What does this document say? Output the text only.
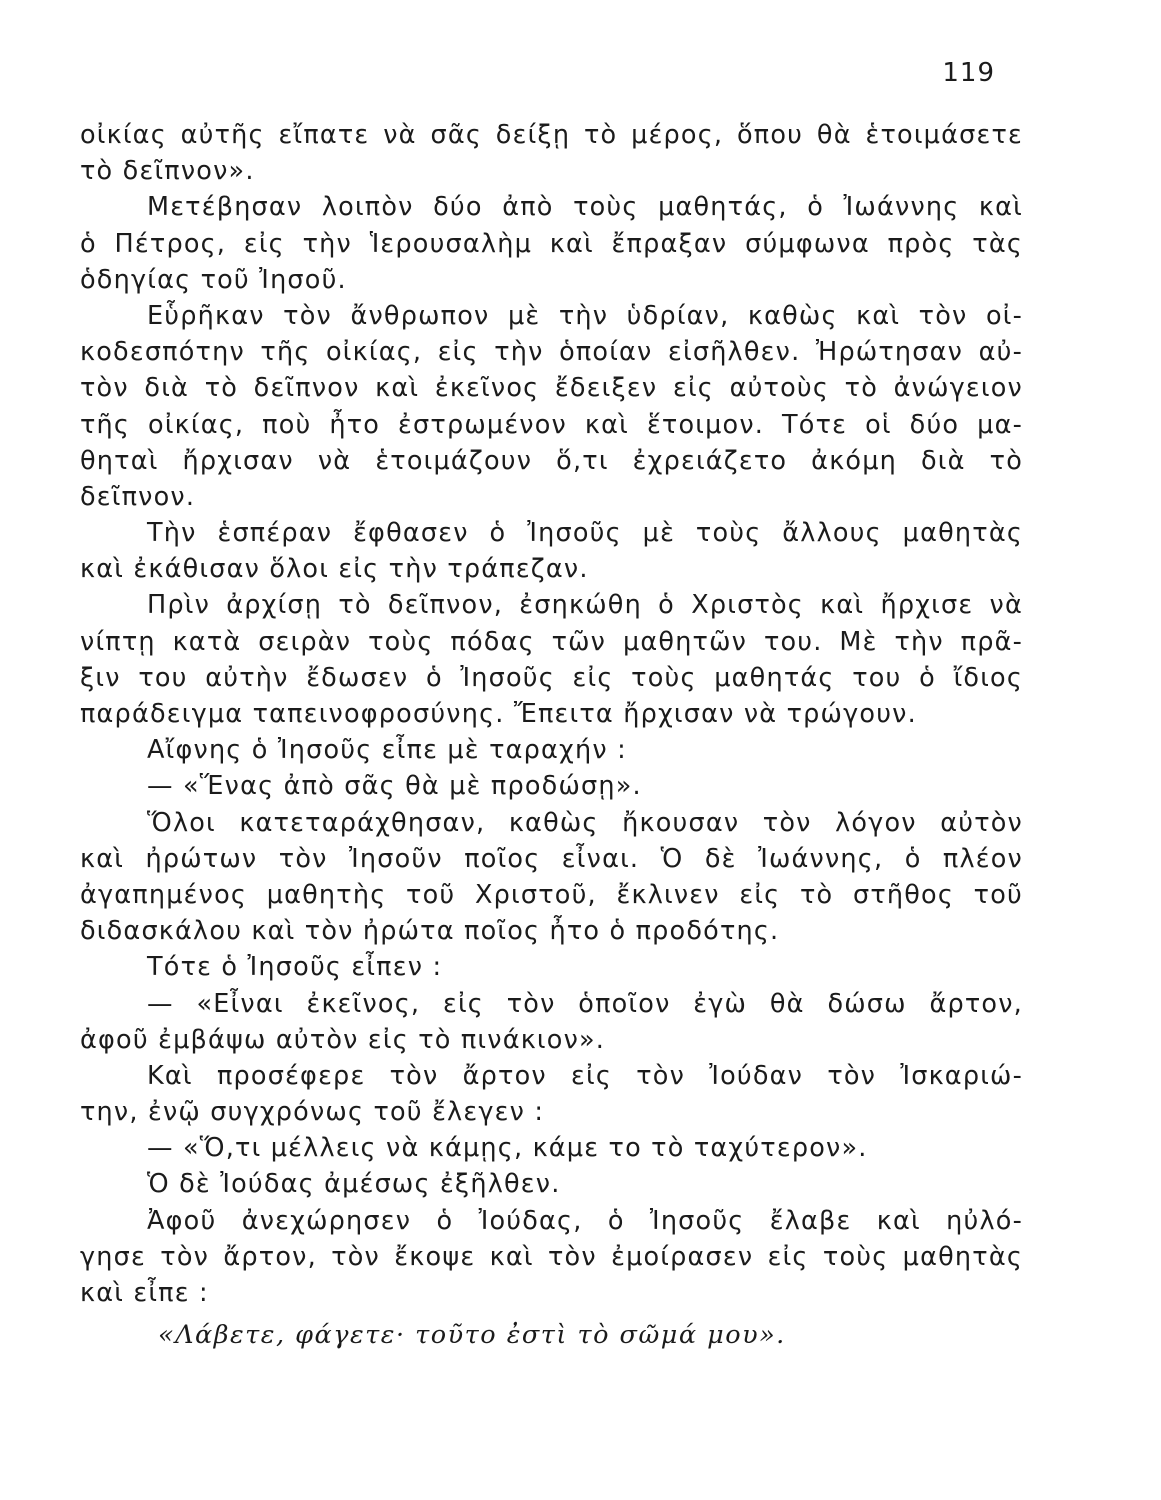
119
οἰκίας αὐτῆς εἴπατε νὰ σᾶς δείξῃ τὸ μέρος, ὅπου θὰ ἑτοιμάσετε
τὸ δεῖπνον».
Μετέβησαν λοιπὸν δύο ἀπὸ τοὺς μαθητάς, ὁ Ἰωάννης καὶ
ὁ Πέτρος, εἰς τὴν Ἱερουσαλὴμ καὶ ἔπραξαν σύμφωνα πρὸς τὰς
ὁδηγίας τοῦ Ἰησοῦ.
Εὗρῆκαν τὸν ἄνθρωπον μὲ τὴν ὑδρίαν, καθὼς καὶ τὸν οἰ-
κοδεσπότην τῆς οἰκίας, εἰς τὴν ὁποίαν εἰσῆλθεν. Ἠρώτησαν αὐ-
τὸν διὰ τὸ δεῖπνον καὶ ἐκεῖνος ἔδειξεν εἰς αὐτοὺς τὸ ἀνώγειον
τῆς οἰκίας, ποὺ ἦτο ἐστρωμένον καὶ ἕτοιμον. Τότε οἱ δύο μα-
θηταὶ ἤρχισαν νὰ ἑτοιμάζουν ὅ,τι ἐχρειάζετο ἀκόμη διὰ τὸ
δεῖπνον.
Τὴν ἑσπέραν ἔφθασεν ὁ Ἰησοῦς μὲ τοὺς ἄλλους μαθητὰς
καὶ ἐκάθισαν ὅλοι εἰς τὴν τράπεζαν.
Πρὶν ἀρχίσῃ τὸ δεῖπνον, ἐσηκώθη ὁ Χριστὸς καὶ ἤρχισε νὰ
νίπτῃ κατὰ σειρὰν τοὺς πόδας τῶν μαθητῶν του. Μὲ τὴν πρᾶ-
ξιν του αὐτὴν ἔδωσεν ὁ Ἰησοῦς εἰς τοὺς μαθητάς του ὁ ἴδιος
παράδειγμα ταπεινοφροσύνης. Ἔπειτα ἤρχισαν νὰ τρώγουν.
Αἴφνης ὁ Ἰησοῦς εἶπε μὲ ταραχήν :
— «Ἕνας ἀπὸ σᾶς θὰ μὲ προδώσῃ».
Ὅλοι κατεταράχθησαν, καθὼς ἤκουσαν τὸν λόγον αὐτὸν
καὶ ἠρώτων τὸν Ἰησοῦν ποῖος εἶναι. Ὁ δὲ Ἰωάννης, ὁ πλέον
ἀγαπημένος μαθητὴς τοῦ Χριστοῦ, ἔκλινεν εἰς τὸ στῆθος τοῦ
διδασκάλου καὶ τὸν ἠρώτα ποῖος ἦτο ὁ προδότης.
Τότε ὁ Ἰησοῦς εἶπεν :
— «Εἶναι ἐκεῖνος, εἰς τὸν ὁποῖον ἐγὼ θὰ δώσω ἄρτον,
ἀφοῦ ἐμβάψω αὐτὸν εἰς τὸ πινάκιον».
Καὶ προσέφερε τὸν ἄρτον εἰς τὸν Ἰούδαν τὸν Ἰσκαριώ-
την, ἐνῷ συγχρόνως τοῦ ἔλεγεν :
— «Ὅ,τι μέλλεις νὰ κάμῃς, κάμε το τὸ ταχύτερον».
Ὁ δὲ Ἰούδας ἀμέσως ἐξῆλθεν.
Ἀφοῦ ἀνεχώρησεν ὁ Ἰούδας, ὁ Ἰησοῦς ἔλαβε καὶ ηὐλό-
γησε τὸν ἄρτον, τὸν ἔκοψε καὶ τὸν ἐμοίρασεν εἰς τοὺς μαθητὰς
καὶ εἶπε :
«Λάβετε, φάγετε· τοῦτο ἐστὶ τὸ σῶμά μου».
